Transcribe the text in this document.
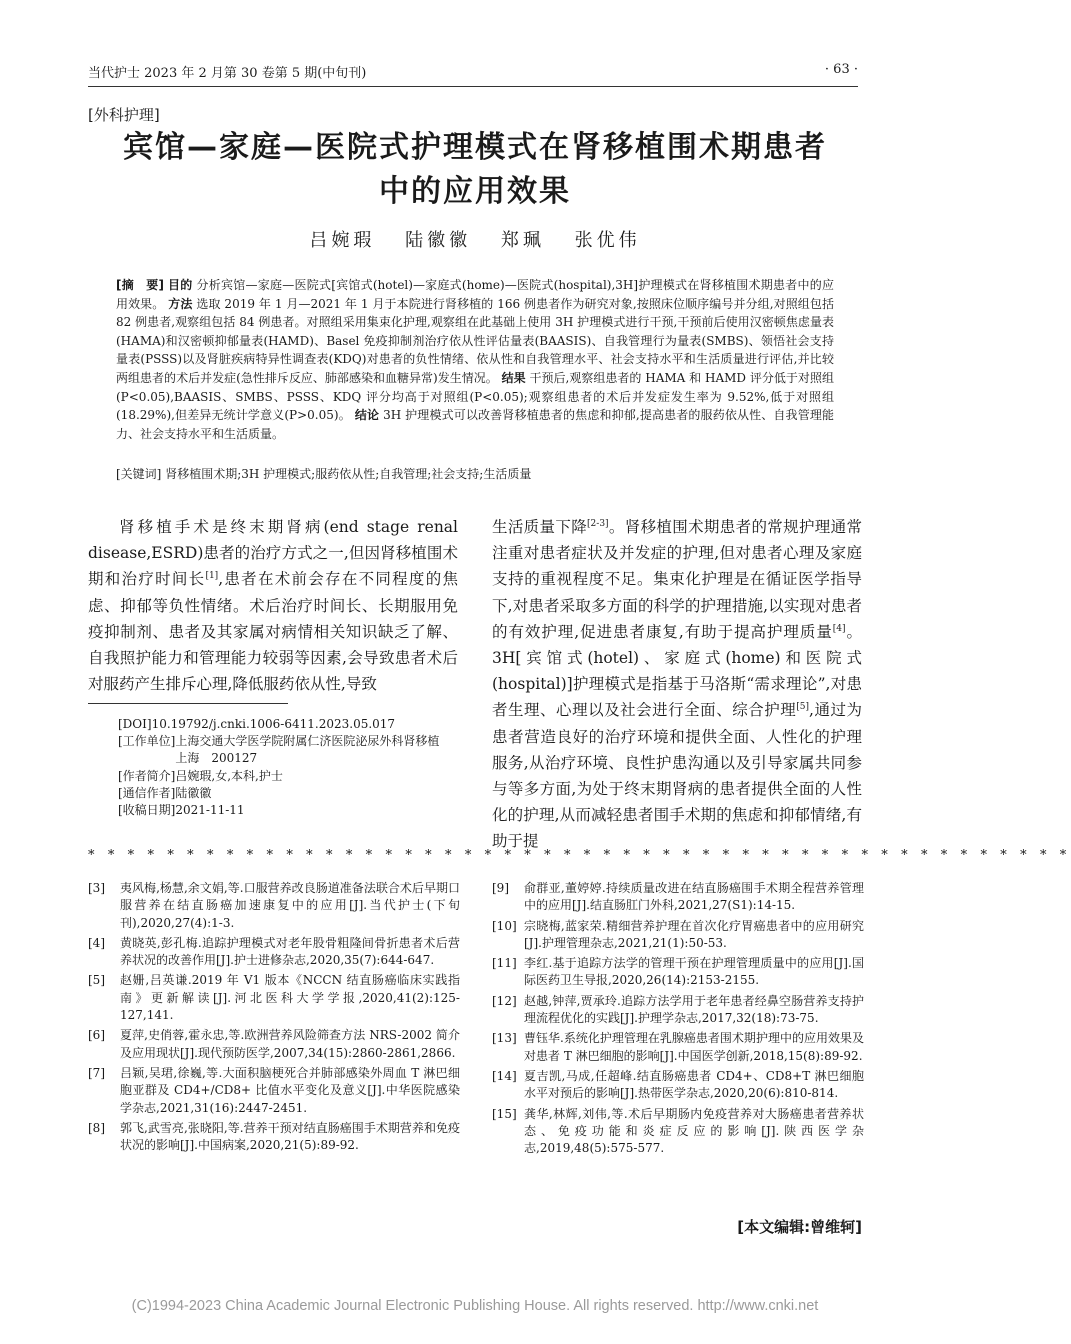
当代护士 2023 年 2 月第 30 卷第 5 期(中旬刊)	· 63 ·
[外科护理]
宾馆—家庭—医院式护理模式在肾移植围术期患者
中的应用效果
吕婉瑕 陆徽徽 郑珮 张优伟
[摘　要] 目的 分析宾馆—家庭—医院式[宾馆式(hotel)—家庭式(home)—医院式(hospital),3H]护理模式在肾移植围术期患者中的应用效果。 方法 选取 2019 年 1 月—2021 年 1 月于本院进行肾移植的 166 例患者作为研究对象,按照床位顺序编号并分组,对照组包括 82 例患者,观察组包括 84 例患者。对照组采用集束化护理,观察组在此基础上使用 3H 护理模式进行干预,干预前后使用汉密顿焦虑量表(HAMA)和汉密顿抑郁量表(HAMD)、Basel 免疫抑制剂治疗依从性评估量表(BAASIS)、自我管理行为量表(SMBS)、领悟社会支持量表(PSSS)以及肾脏疾病特异性调查表(KDQ)对患者的负性情绪、依从性和自我管理水平、社会支持水平和生活质量进行评估,并比较两组患者的术后并发症(急性排斥反应、肺部感染和血糖异常)发生情况。 结果 干预后,观察组患者的 HAMA 和 HAMD 评分低于对照组(P<0.05),BAASIS、SMBS、PSSS、KDQ 评分均高于对照组(P<0.05);观察组患者的术后并发症发生率为 9.52%,低于对照组(18.29%),但差异无统计学意义(P>0.05)。 结论 3H 护理模式可以改善肾移植患者的焦虑和抑郁,提高患者的服药依从性、自我管理能力、社会支持水平和生活质量。
[关键词] 肾移植围术期;3H 护理模式;服药依从性;自我管理;社会支持;生活质量
肾移植手术是终末期肾病(end stage renal disease,ESRD)患者的治疗方式之一,但因肾移植围术期和治疗时间长[1],患者在术前会存在不同程度的焦虑、抑郁等负性情绪。术后治疗时间长、长期服用免疫抑制剂、患者及其家属对病情相关知识缺乏了解、自我照护能力和管理能力较弱等因素,会导致患者术后对服药产生排斥心理,降低服药依从性,导致
[DOI] 10.19792/j.cnki.1006-6411.2023.05.017
[工作单位] 上海交通大学医学院附属仁济医院泌尿外科肾移植　上海　200127
[作者简介] 吕婉瑕,女,本科,护士
[通信作者] 陆徽徽
[收稿日期] 2021-11-11
生活质量下降[2-3]。肾移植围术期患者的常规护理通常注重对患者症状及并发症的护理,但对患者心理及家庭支持的重视程度不足。集束化护理是在循证医学指导下,对患者采取多方面的科学的护理措施,以实现对患者的有效护理,促进患者康复,有助于提高护理质量[4]。3H[宾馆式(hotel)、家庭式(home)和医院式(hospital)]护理模式是指基于马洛斯“需求理论”,对患者生理、心理以及社会进行全面、综合护理[5],通过为患者营造良好的治疗环境和提供全面、人性化的护理服务,从治疗环境、良性护患沟通以及引导家属共同参与等多方面,为处于终末期肾病的患者提供全面的人性化的护理,从而减轻患者围手术期的焦虑和抑郁情绪,有助于提
* * * * * * * * * * * * * * * * * * * * * * * * * * * * * * * * * * * * * * * * * * * * * * * * * *
[3]	夷风梅,杨慧,余文娟,等.口服营养改良肠道准备法联合术后早期口服营养在结直肠癌加速康复中的应用[J].当代护士(下旬刊),2020,27(4):1-3.
[4]	黄晓英,彭孔梅.追踪护理模式对老年股骨粗隆间骨折患者术后营养状况的改善作用[J].护士进修杂志,2020,35(7):644-647.
[5]	赵姗,吕英谦.2019 年 V1 版本《NCCN 结直肠癌临床实践指南》更新解读[J].河北医科大学学报,2020,41(2):125-127,141.
[6]	夏萍,史俏蓉,霍永忠,等.欧洲营养风险筛查方法 NRS-2002 简介及应用现状[J].现代预防医学,2007,34(15):2860-2861,2866.
[7]	吕颖,吴珺,徐巍,等.大面积脑梗死合并肺部感染外周血 T 淋巴细胞亚群及 CD4+/CD8+ 比值水平变化及意义[J].中华医院感染学杂志,2021,31(16):2447-2451.
[8]	郭飞,武雪亮,张晓阳,等.营养干预对结直肠癌围手术期营养和免疫状况的影响[J].中国病案,2020,21(5):89-92.
[9]	俞群亚,董婷婷.持续质量改进在结直肠癌围手术期全程营养管理中的应用[J].结直肠肛门外科,2021,27(S1):14-15.
[10] 宗晓梅,蓝家荣.精细营养护理在首次化疗胃癌患者中的应用研究[J].护理管理杂志,2021,21(1):50-53.
[11] 李红.基于追踪方法学的管理干预在护理管理质量中的应用[J].国际医药卫生导报,2020,26(14):2153-2155.
[12] 赵越,钟萍,贾承玲.追踪方法学用于老年患者经鼻空肠营养支持护理流程优化的实践[J].护理学杂志,2017,32(18):73-75.
[13] 曹钰华.系统化护理管理在乳腺癌患者围术期护理中的应用效果及对患者 T 淋巴细胞的影响[J].中国医学创新,2018,15(8):89-92.
[14] 夏吉凯,马成,任超峰.结直肠癌患者 CD4+、CD8+T 淋巴细胞水平对预后的影响[J].热带医学杂志,2020,20(6):810-814.
[15] 龚华,林辉,刘伟,等.术后早期肠内免疫营养对大肠癌患者营养状态、免疫功能和炎症反应的影响[J].陕西医学杂志,2019,48(5):575-577.
[本文编辑:曾维轲]
(C)1994-2023 China Academic Journal Electronic Publishing House. All rights reserved. http://www.cnki.net
